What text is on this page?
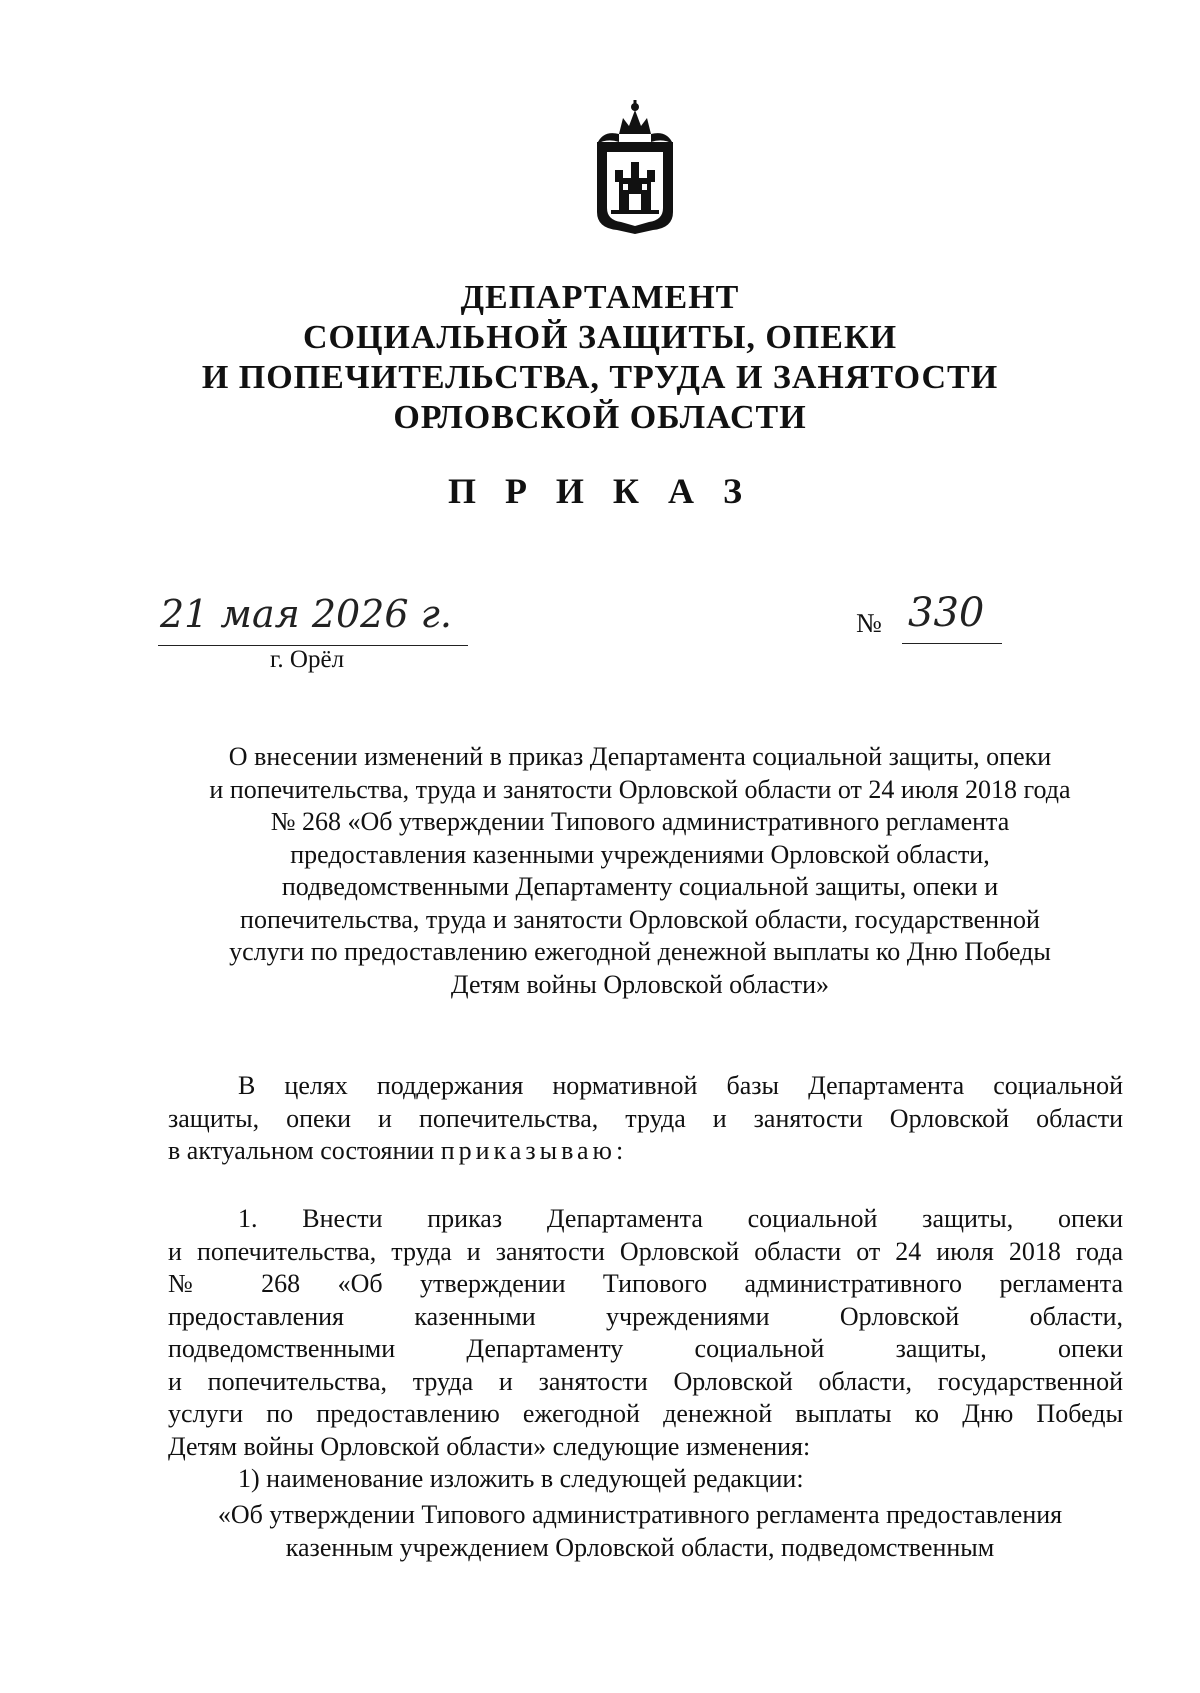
ДЕПАРТАМЕНТ
СОЦИАЛЬНОЙ ЗАЩИТЫ, ОПЕКИ
И ПОПЕЧИТЕЛЬСТВА, ТРУДА И ЗАНЯТОСТИ
ОРЛОВСКОЙ ОБЛАСТИ
П Р И К А З
21 мая 2026 г.
г. Орёл
№ 330
О внесении изменений в приказ Департамента социальной защиты, опеки
и попечительства, труда и занятости Орловской области от 24 июля 2018 года
№ 268 «Об утверждении Типового административного регламента
предоставления казенными учреждениями Орловской области,
подведомственными Департаменту социальной защиты, опеки и
попечительства, труда и занятости Орловской области, государственной
услуги по предоставлению ежегодной денежной выплаты ко Дню Победы
Детям войны Орловской области»
В целях поддержания нормативной базы Департамента социальной
защиты, опеки и попечительства, труда и занятости Орловской области
в актуальном состоянии приказываю:
1. Внести приказ Департамента социальной защиты, опеки
и попечительства, труда и занятости Орловской области от 24 июля 2018 года
№ 268 «Об утверждении Типового административного регламента
предоставления казенными учреждениями Орловской области,
подведомственными Департаменту социальной защиты, опеки
и попечительства, труда и занятости Орловской области, государственной
услуги по предоставлению ежегодной денежной выплаты ко Дню Победы
Детям войны Орловской области» следующие изменения:
1) наименование изложить в следующей редакции:
«Об утверждении Типового административного регламента предоставления
казенным учреждением Орловской области, подведомственным
